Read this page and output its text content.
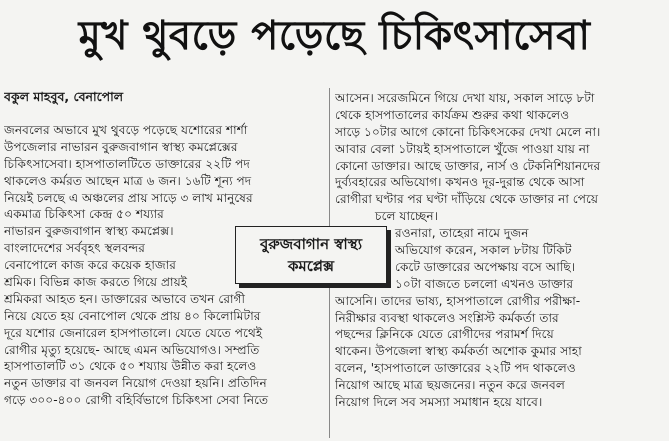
মুখ থুবড়ে পড়েছে চিকিৎসাসেবা
বকুল মাহবুব, বেনাপোল
জনবলের অভাবে মুখ থুবড়ে পড়েছে যশোরের শার্শা
উপজেলার নাভারন বুরুজবাগান স্বাস্থ্য কমপ্লেক্সের
চিকিৎসাসেবা। হাসপাতালটিতে ডাক্তারের ২২টি পদ
থাকলেও কর্মরত আছেন মাত্র ৬ জন। ১৬টি শূন্য পদ
নিয়েই চলছে এ অঞ্চলের প্রায় সাড়ে ৩ লাখ মানুষের
একমাত্র চিকিৎসা কেন্দ্র ৫০ শয্যার
নাভারন বুরুজবাগান স্বাস্থ্য কমপ্লেক্স।
বাংলাদেশের সর্ববৃহৎ স্থলবন্দর
বেনাপোলে কাজ করে কয়েক হাজার
শ্রমিক। বিভিন্ন কাজ করতে গিয়ে প্রায়ই
শ্রমিকরা আহত হন। ডাক্তারের অভাবে তখন রোগী
নিয়ে যেতে হয় বেনাপোল থেকে প্রায় ৪০ কিলোমিটার
দূরে যশোর জেনারেল হাসপাতালে। যেতে যেতে পথেই
রোগীর মৃত্যু হয়েছে- আছে এমন অভিযোগও। সম্প্রতি
হাসপাতালটি ৩১ থেকে ৫০ শয্যায় উন্নীত করা হলেও
নতুন ডাক্তার বা জনবল নিয়োগ দেওয়া হয়নি। প্রতিদিন
গড়ে ৩০০-৪০০ রোগী বহির্বিভাগে চিকিৎসা সেবা নিতে
আসেন। সরেজমিনে গিয়ে দেখা যায়, সকাল সাড়ে ৮টা
থেকে হাসপাতালের কার্যক্রম শুরুর কথা থাকলেও
সাড়ে ১০টার আগে কোনো চিকিৎসকের দেখা মেলে না।
আবার বেলা ১টায়ই হাসপাতালে খুঁজে পাওয়া যায় না
কোনো ডাক্তার। আছে ডাক্তার, নার্স ও টেকনিশিয়ানদের
দুর্ব্যবহারের অভিযোগ। কখনও দূর-দুরান্ত থেকে আসা
রোগীরা ঘণ্টার পর ঘণ্টা দাঁড়িয়ে থেকে ডাক্তার না পেয়ে
চলে যাচ্ছেন।
রওনারা, তাহেরা নামে দুজন
অভিযোগ করেন, সকাল ৮টায় টিকিট
কেটে ডাক্তারের অপেক্ষায় বসে আছি।
১০টা বাজতে চললো এখনও ডাক্তার
আসেনি। তাদের ভাষ্য, হাসপাতালে রোগীর পরীক্ষা-
নিরীক্ষার ব্যবস্থা থাকলেও সংশ্লিস্ট কর্মকর্তা তার
পছন্দের ক্লিনিকে যেতে রোগীদের পরামর্শ দিয়ে
থাকেন। উপজেলা স্বাস্থ্য কর্মকর্তা অশোক কুমার সাহা
বলেন, 'হাসপাতালে ডাক্তারের ২২টি পদ থাকলেও
নিয়োগ আছে মাত্র ছয়জনের। নতুন করে জনবল
নিয়োগ দিলে সব সমস্যা সমাধান হয়ে যাবে।
বুরুজবাগান স্বাস্থ্য
কমপ্লেক্স
